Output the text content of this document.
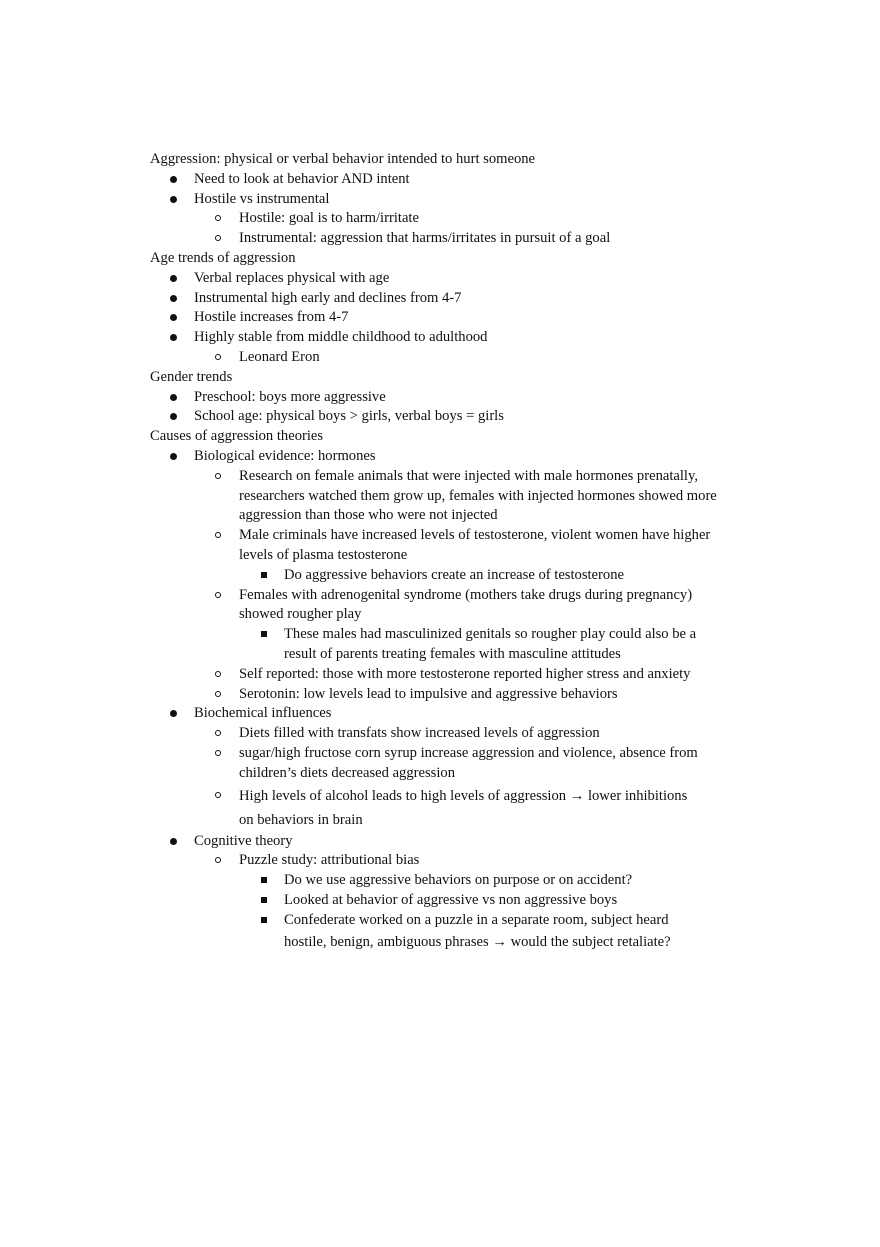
Aggression: physical or verbal behavior intended to hurt someone
Need to look at behavior AND intent
Hostile vs instrumental
Hostile: goal is to harm/irritate
Instrumental: aggression that harms/irritates in pursuit of a goal
Age trends of aggression
Verbal replaces physical with age
Instrumental high early and declines from 4-7
Hostile increases from 4-7
Highly stable from middle childhood to adulthood
Leonard Eron
Gender trends
Preschool: boys more aggressive
School age: physical boys > girls, verbal boys = girls
Causes of aggression theories
Biological evidence: hormones
Research on female animals that were injected with male hormones prenatally,
researchers watched them grow up, females with injected hormones showed more
aggression than those who were not injected
Male criminals have increased levels of testosterone, violent women have higher
levels of plasma testosterone
Do aggressive behaviors create an increase of testosterone
Females with adrenogenital syndrome (mothers take drugs during pregnancy)
showed rougher play
These males had masculinized genitals so rougher play could also be a
result of parents treating females with masculine attitudes
Self reported: those with more testosterone reported higher stress and anxiety
Serotonin: low levels lead to impulsive and aggressive behaviors
Biochemical influences
Diets filled with transfats show increased levels of aggression
sugar/high fructose corn syrup increase aggression and violence, absence from
children’s diets decreased aggression
High levels of alcohol leads to high levels of aggression → lower inhibitions
on behaviors in brain
Cognitive theory
Puzzle study: attributional bias
Do we use aggressive behaviors on purpose or on accident?
Looked at behavior of aggressive vs non aggressive boys
Confederate worked on a puzzle in a separate room, subject heard
hostile, benign, ambiguous phrases → would the subject retaliate?
